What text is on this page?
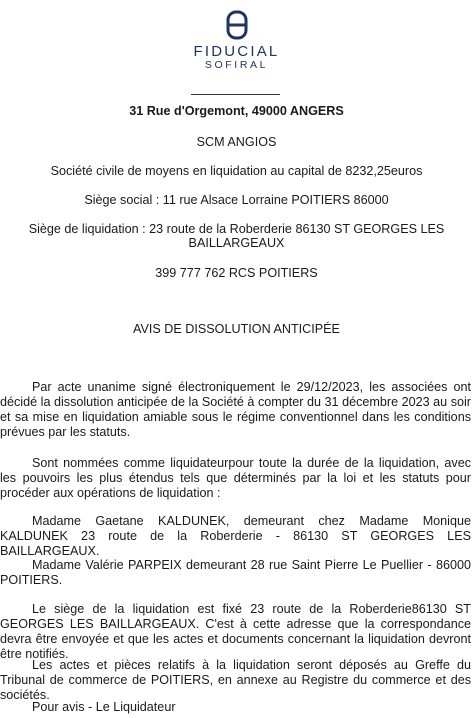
FIDUCIAL
SOFIRAL
31 Rue d'Orgemont, 49000 ANGERS
SCM ANGIOS
Société civile de moyens en liquidation au capital de 8232,25euros
Siège social : 11 rue Alsace Lorraine POITIERS 86000
Siège de liquidation : 23 route de la Roberderie 86130 ST GEORGES LES
BAILLARGEAUX
399 777 762 RCS POITIERS
AVIS DE DISSOLUTION ANTICIPÉE

Par acte unanime signé électroniquement le 29/12/2023, les associées ont décidé la dissolution anticipée de la Société à compter du 31 décembre 2023 au soir et sa mise en liquidation amiable sous le régime conventionnel dans les conditions prévues par les statuts.

Sont nommées comme liquidateurpour toute la durée de la liquidation, avec les pouvoirs les plus étendus tels que déterminés par la loi et les statuts pour procéder aux opérations de liquidation :

Madame Gaetane KALDUNEK, demeurant chez Madame Monique KALDUNEK 23 route de la Roberderie - 86130 ST GEORGES LES BAILLARGEAUX.

Madame Valérie PARPEIX demeurant 28 rue Saint Pierre Le Puellier - 86000 POITIERS.

Le siège de la liquidation est fixé 23 route de la Roberderie86130 ST GEORGES LES BAILLARGEAUX. C'est à cette adresse que la correspondance devra être envoyée et que les actes et documents concernant la liquidation devront être notifiés.

Les actes et pièces relatifs à la liquidation seront déposés au Greffe du Tribunal de commerce de POITIERS, en annexe au Registre du commerce et des sociétés.

Pour avis - Le Liquidateur
